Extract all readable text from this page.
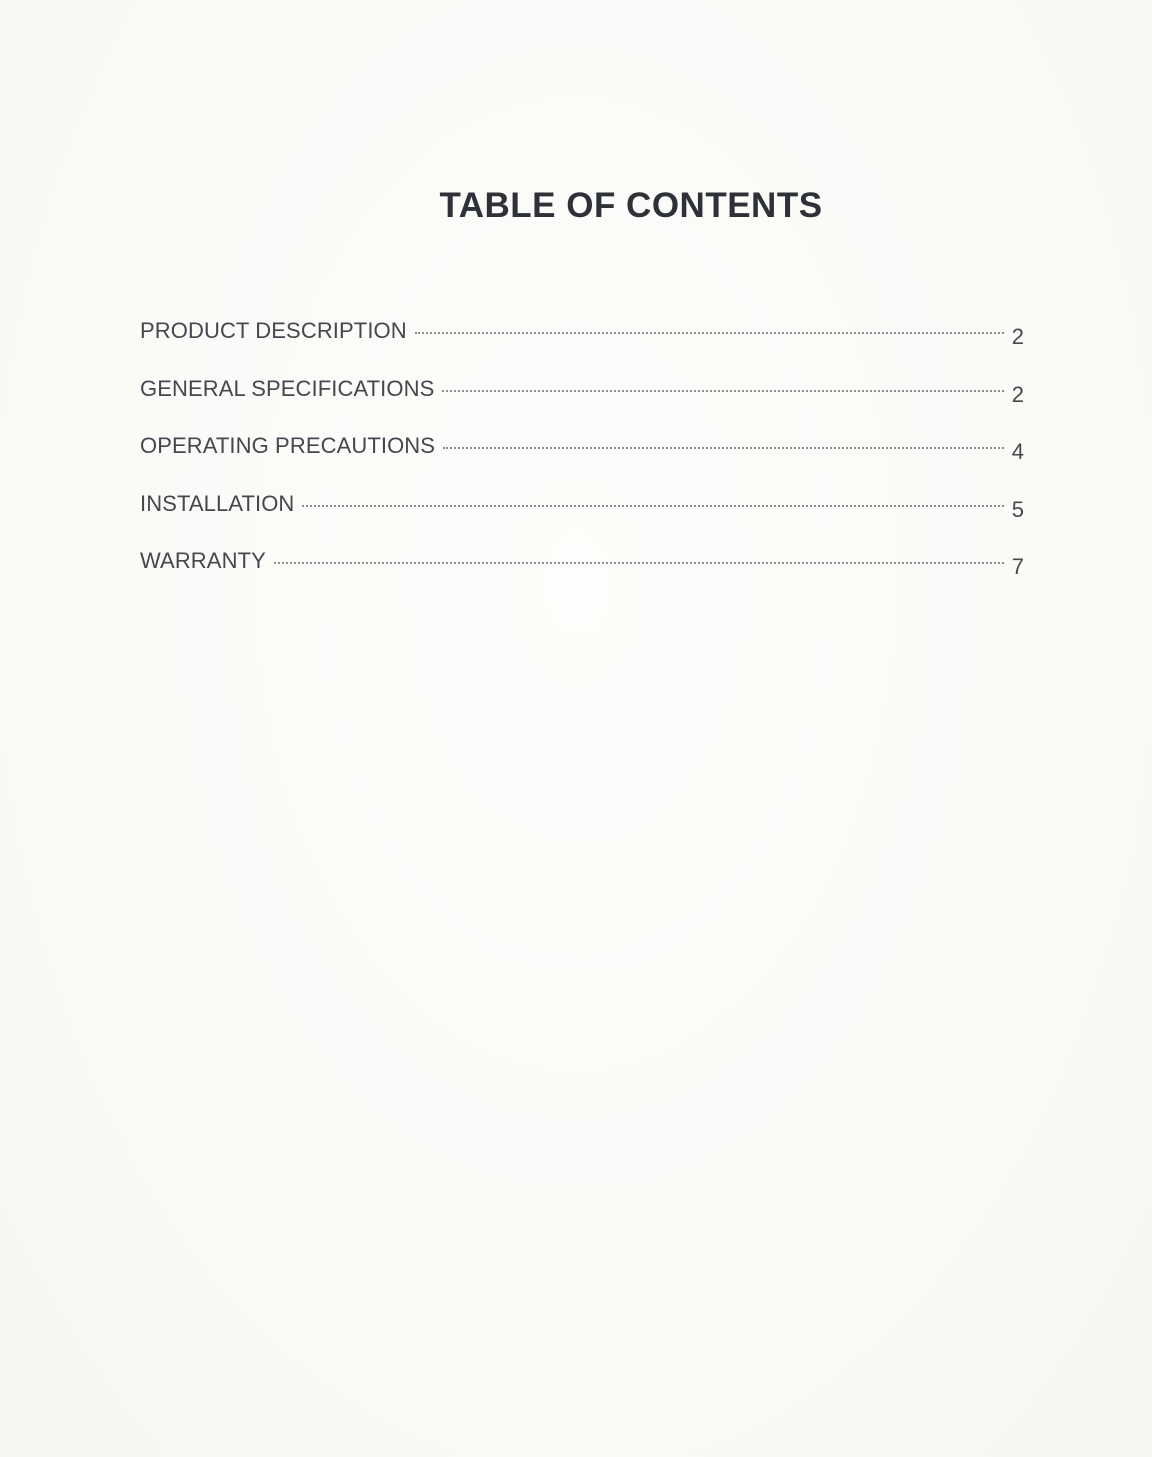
TABLE OF CONTENTS
PRODUCT DESCRIPTION	2
GENERAL SPECIFICATIONS	2
OPERATING PRECAUTIONS	4
INSTALLATION	5
WARRANTY	7
